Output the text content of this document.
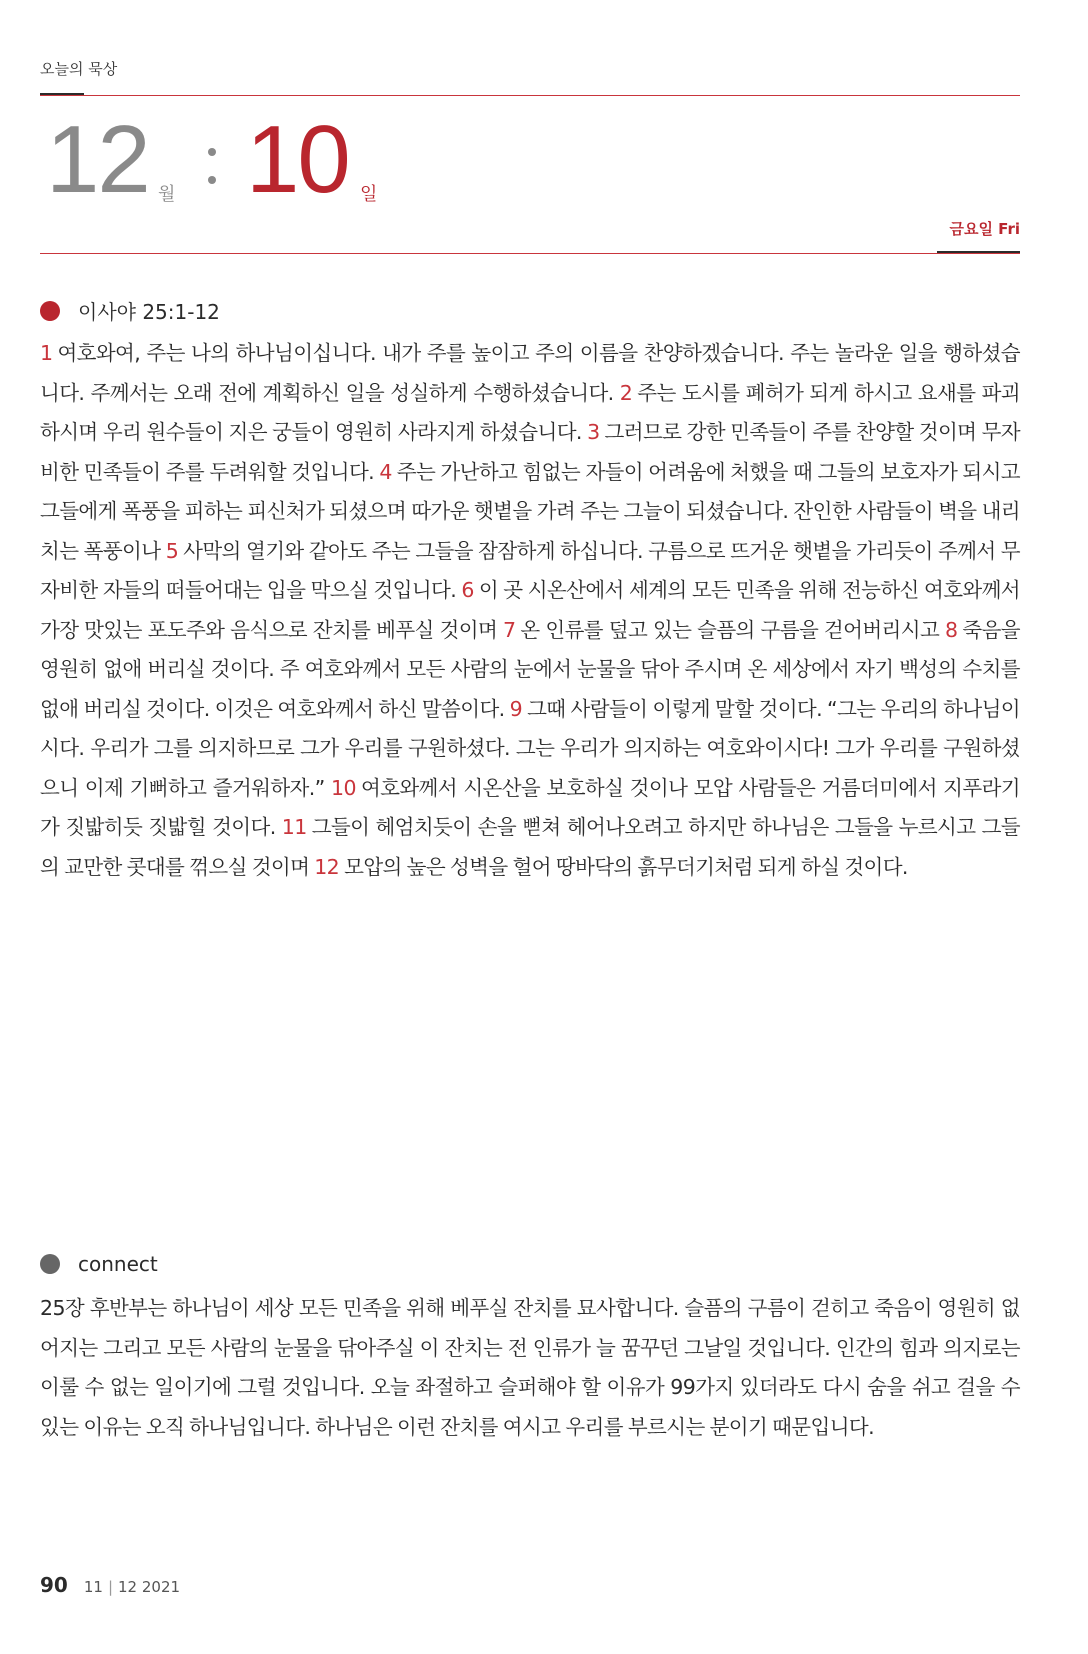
오늘의 묵상
12 월 10 일
금요일 Fri
이사야 25:1-12
1 여호와여, 주는 나의 하나님이십니다. 내가 주를 높이고 주의 이름을 찬양하겠습니다. 주는 놀라운 일을 행하셨습니다. 주께서는 오래 전에 계획하신 일을 성실하게 수행하셨습니다. 2 주는 도시를 폐허가 되게 하시고 요새를 파괴하시며 우리 원수들이 지은 궁들이 영원히 사라지게 하셨습니다. 3 그러므로 강한 민족들이 주를 찬양할 것이며 무자비한 민족들이 주를 두려워할 것입니다. 4 주는 가난하고 힘없는 자들이 어려움에 처했을 때 그들의 보호자가 되시고 그들에게 폭풍을 피하는 피신처가 되셨으며 따가운 햇볕을 가려 주는 그늘이 되셨습니다. 잔인한 사람들이 벽을 내리치는 폭풍이나 5 사막의 열기와 같아도 주는 그들을 잠잠하게 하십니다. 구름으로 뜨거운 햇볕을 가리듯이 주께서 무자비한 자들의 떠들어대는 입을 막으실 것입니다. 6 이 곳 시온산에서 세계의 모든 민족을 위해 전능하신 여호와께서 가장 맛있는 포도주와 음식으로 잔치를 베푸실 것이며 7 온 인류를 덮고 있는 슬픔의 구름을 걷어버리시고 8 죽음을 영원히 없애 버리실 것이다. 주 여호와께서 모든 사람의 눈에서 눈물을 닦아 주시며 온 세상에서 자기 백성의 수치를 없애 버리실 것이다. 이것은 여호와께서 하신 말씀이다. 9 그때 사람들이 이렇게 말할 것이다. “그는 우리의 하나님이시다. 우리가 그를 의지하므로 그가 우리를 구원하셨다. 그는 우리가 의지하는 여호와이시다! 그가 우리를 구원하셨으니 이제 기뻐하고 즐거워하자.” 10 여호와께서 시온산을 보호하실 것이나 모압 사람들은 거름더미에서 지푸라기가 짓밟히듯 짓밟힐 것이다. 11 그들이 헤엄치듯이 손을 뻗쳐 헤어나오려고 하지만 하나님은 그들을 누르시고 그들의 교만한 콧대를 꺾으실 것이며 12 모압의 높은 성벽을 헐어 땅바닥의 흙무더기처럼 되게 하실 것이다.
connect
25장 후반부는 하나님이 세상 모든 민족을 위해 베푸실 잔치를 묘사합니다. 슬픔의 구름이 걷히고 죽음이 영원히 없어지는 그리고 모든 사람의 눈물을 닦아주실 이 잔치는 전 인류가 늘 꿈꾸던 그날일 것입니다. 인간의 힘과 의지로는 이룰 수 없는 일이기에 그럴 것입니다. 오늘 좌절하고 슬퍼해야 할 이유가 99가지 있더라도 다시 숨을 쉬고 걸을 수 있는 이유는 오직 하나님입니다. 하나님은 이런 잔치를 여시고 우리를 부르시는 분이기 때문입니다.
90 11 | 12 2021
